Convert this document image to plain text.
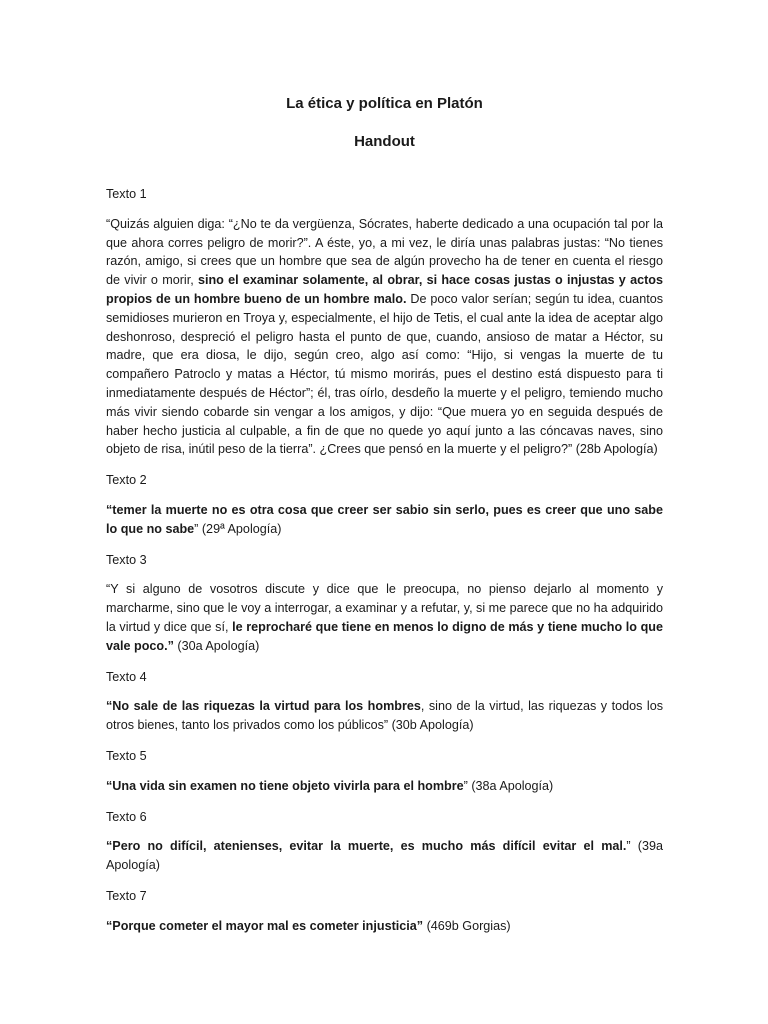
La ética y política en Platón
Handout

Texto 1

“Quizás alguien diga: “¿No te da vergüenza, Sócrates, haberte dedicado a una ocupación tal por la que ahora corres peligro de morir?”. A éste, yo, a mi vez, le diría unas palabras justas: “No tienes razón, amigo, si crees que un hombre que sea de algún provecho ha de tener en cuenta el riesgo de vivir o morir, sino el examinar solamente, al obrar, si hace cosas justas o injustas y actos propios de un hombre bueno de un hombre malo. De poco valor serían; según tu idea, cuantos semidioses murieron en Troya y, especialmente, el hijo de Tetis, el cual ante la idea de aceptar algo deshonroso, despreció el peligro hasta el punto de que, cuando, ansioso de matar a Héctor, su madre, que era diosa, le dijo, según creo, algo así como: “Hijo, si vengas la muerte de tu compañero Patroclo y matas a Héctor, tú mismo morirás, pues el destino está dispuesto para ti inmediatamente después de Héctor”; él, tras oírlo, desdeño la muerte y el peligro, temiendo mucho más vivir siendo cobarde sin vengar a los amigos, y dijo: “Que muera yo en seguida después de haber hecho justicia al culpable, a fin de que no quede yo aquí junto a las cóncavas naves, sino objeto de risa, inútil peso de la tierra”. ¿Crees que pensó en la muerte y el peligro?” (28b Apología)

Texto 2

“temer la muerte no es otra cosa que creer ser sabio sin serlo, pues es creer que uno sabe lo que no sabe” (29ª Apología)

Texto 3

“Y si alguno de vosotros discute y dice que le preocupa, no pienso dejarlo al momento y marcharme, sino que le voy a interrogar, a examinar y a refutar, y, si me parece que no ha adquirido la virtud y dice que sí, le reprocharé que tiene en menos lo digno de más y tiene mucho lo que vale poco.” (30a Apología)

Texto 4

“No sale de las riquezas la virtud para los hombres, sino de la virtud, las riquezas y todos los otros bienes, tanto los privados como los públicos” (30b Apología)

Texto 5

“Una vida sin examen no tiene objeto vivirla para el hombre” (38a Apología)

Texto 6

“Pero no difícil, atenienses, evitar la muerte, es mucho más difícil evitar el mal.” (39a Apología)

Texto 7

“Porque cometer el mayor mal es cometer injusticia” (469b Gorgias)
